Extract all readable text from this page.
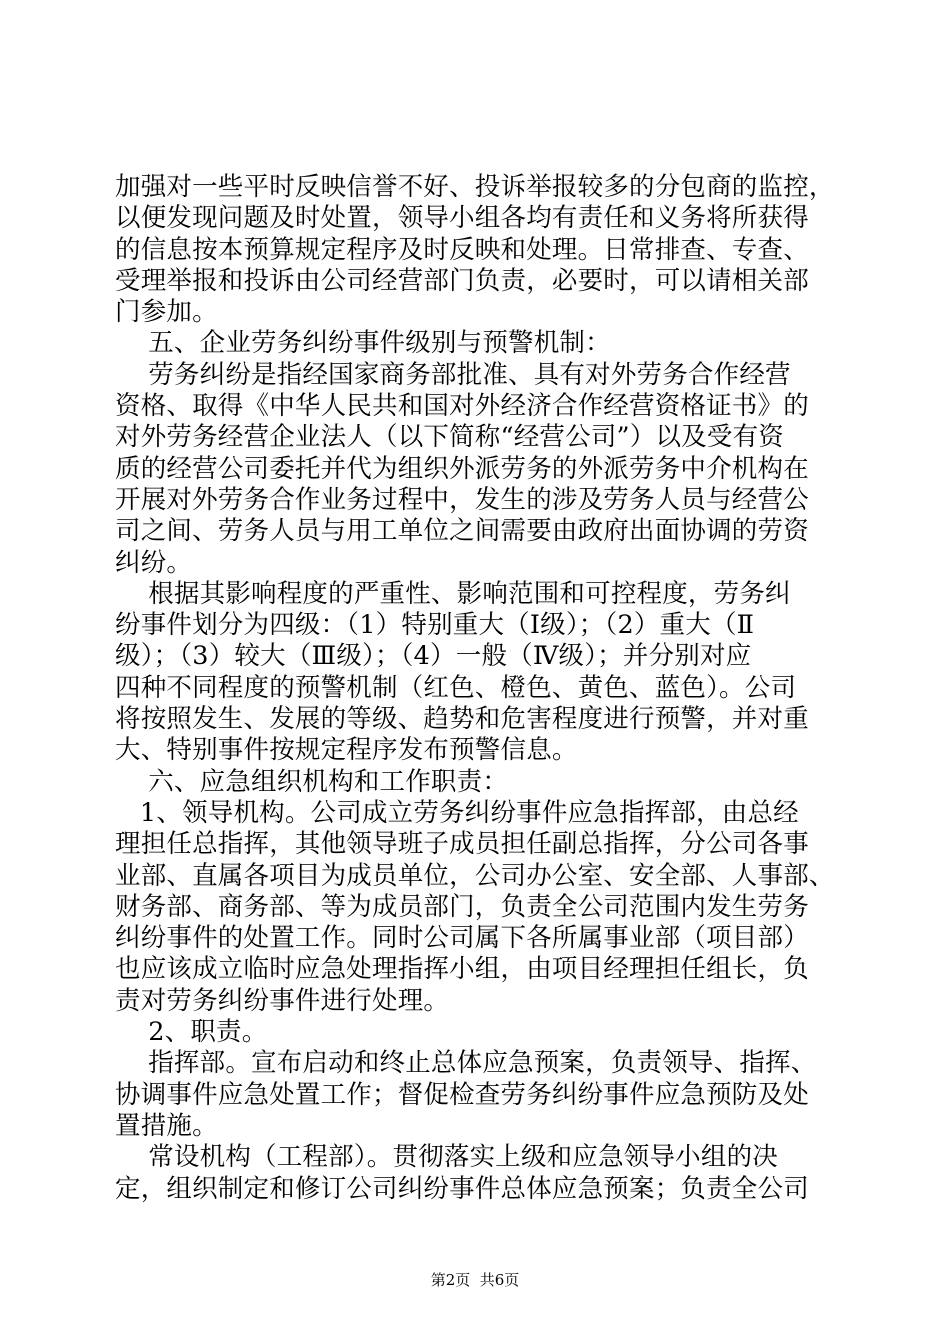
加强对一些平时反映信誉不好、投诉举报较多的分包商的监控，
以便发现问题及时处置，领导小组各均有责任和义务将所获得
的信息按本预算规定程序及时反映和处理。日常排查、专查、
受理举报和投诉由公司经营部门负责，必要时，可以请相关部
门参加。
五、企业劳务纠纷事件级别与预警机制：
劳务纠纷是指经国家商务部批准、具有对外劳务合作经营
资格、取得《中华人民共和国对外经济合作经营资格证书》的
对外劳务经营企业法人（以下简称“经营公司”）以及受有资
质的经营公司委托并代为组织外派劳务的外派劳务中介机构在
开展对外劳务合作业务过程中，发生的涉及劳务人员与经营公
司之间、劳务人员与用工单位之间需要由政府出面协调的劳资
纠纷。
根据其影响程度的严重性、影响范围和可控程度，劳务纠
纷事件划分为四级：（1）特别重大（Ⅰ级）；（2）重大（Ⅱ
级）；（3）较大（Ⅲ级）；（4）一般（Ⅳ级）；并分别对应
四种不同程度的预警机制（红色、橙色、黄色、蓝色）。公司
将按照发生、发展的等级、趋势和危害程度进行预警，并对重
大、特别事件按规定程序发布预警信息。
六、应急组织机构和工作职责：
1、领导机构。公司成立劳务纠纷事件应急指挥部，由总经
理担任总指挥，其他领导班子成员担任副总指挥，分公司各事
业部、直属各项目为成员单位，公司办公室、安全部、人事部、
财务部、商务部、等为成员部门，负责全公司范围内发生劳务
纠纷事件的处置工作。同时公司属下各所属事业部（项目部）
也应该成立临时应急处理指挥小组，由项目经理担任组长，负
责对劳务纠纷事件进行处理。
2、职责。
指挥部。宣布启动和终止总体应急预案，负责领导、指挥、
协调事件应急处置工作；督促检查劳务纠纷事件应急预防及处
置措施。
常设机构（工程部）。贯彻落实上级和应急领导小组的决
定，组织制定和修订公司纠纷事件总体应急预案；负责全公司
第2页  共6页
